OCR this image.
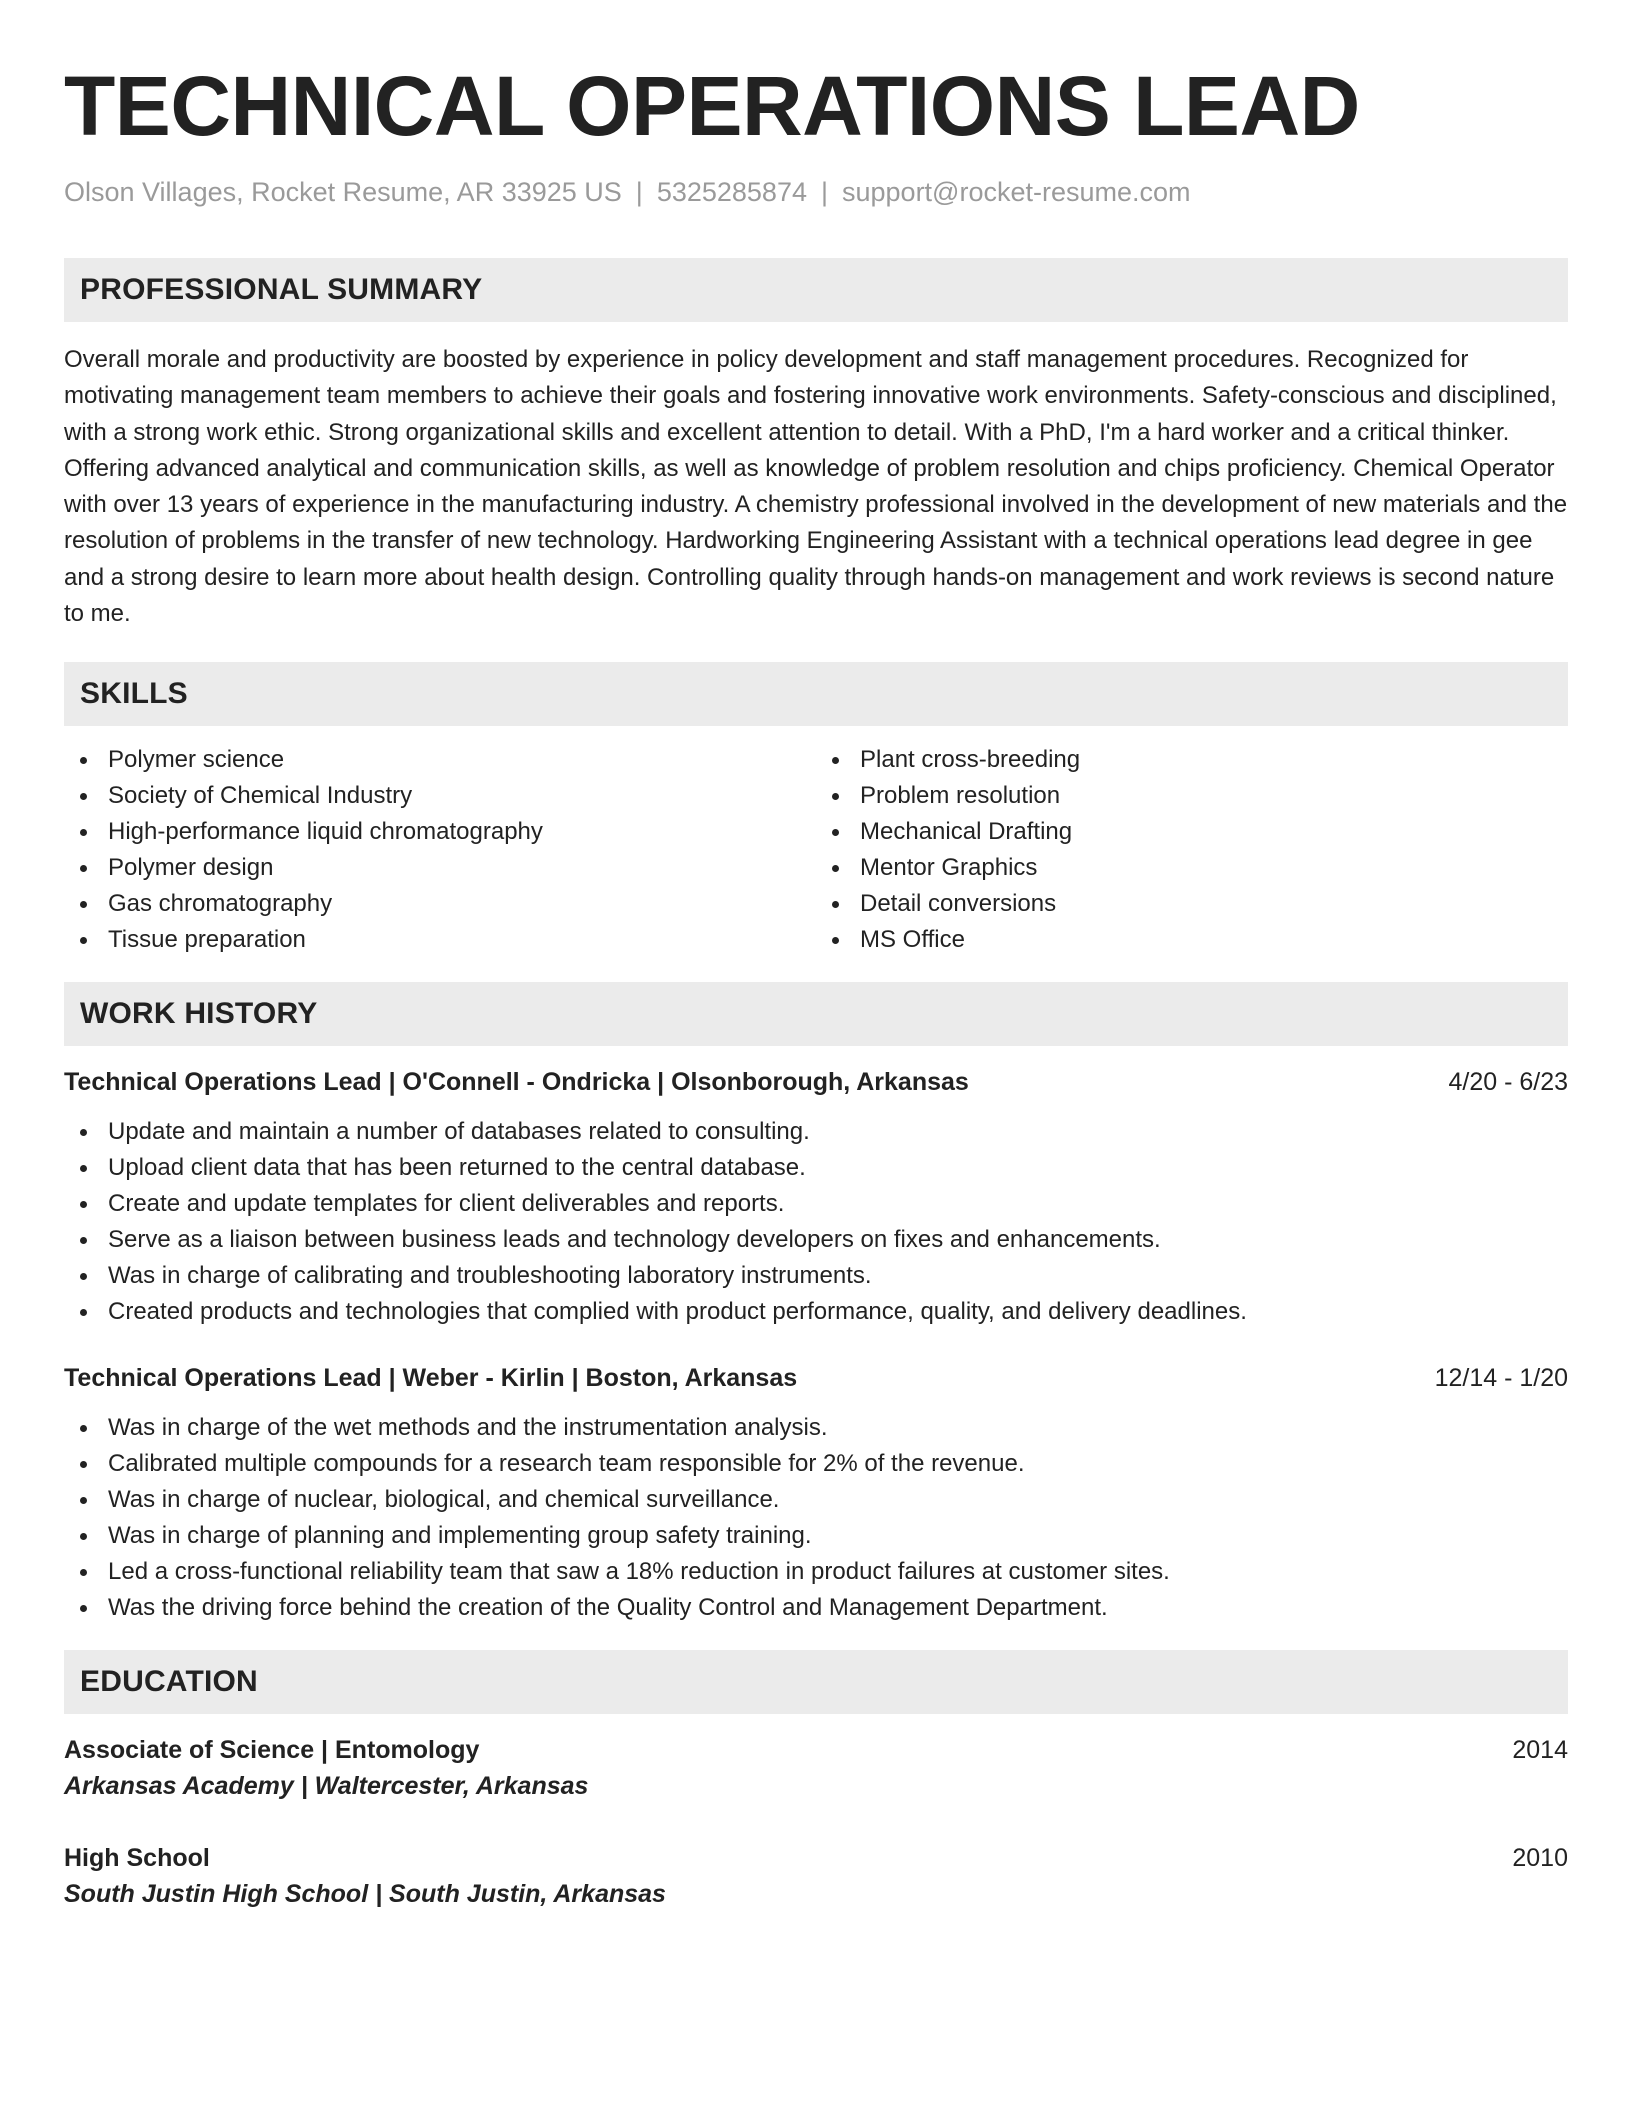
TECHNICAL OPERATIONS LEAD
Olson Villages, Rocket Resume, AR 33925 US | 5325285874 | support@rocket-resume.com
PROFESSIONAL SUMMARY

Overall morale and productivity are boosted by experience in policy development and staff management procedures. Recognized for motivating management team members to achieve their goals and fostering innovative work environments. Safety-conscious and disciplined, with a strong work ethic. Strong organizational skills and excellent attention to detail. With a PhD, I'm a hard worker and a critical thinker. Offering advanced analytical and communication skills, as well as knowledge of problem resolution and chips proficiency. Chemical Operator with over 13 years of experience in the manufacturing industry. A chemistry professional involved in the development of new materials and the resolution of problems in the transfer of new technology. Hardworking Engineering Assistant with a technical operations lead degree in gee and a strong desire to learn more about health design. Controlling quality through hands-on management and work reviews is second nature to me.

SKILLS
Polymer science
Society of Chemical Industry
High-performance liquid chromatography
Polymer design
Gas chromatography
Tissue preparation
Plant cross-breeding
Problem resolution
Mechanical Drafting
Mentor Graphics
Detail conversions
MS Office
WORK HISTORY
Technical Operations Lead | O'Connell - Ondricka | Olsonborough, Arkansas	4/20 - 6/23
Update and maintain a number of databases related to consulting.
Upload client data that has been returned to the central database.
Create and update templates for client deliverables and reports.
Serve as a liaison between business leads and technology developers on fixes and enhancements.
Was in charge of calibrating and troubleshooting laboratory instruments.
Created products and technologies that complied with product performance, quality, and delivery deadlines.
Technical Operations Lead | Weber - Kirlin | Boston, Arkansas	12/14 - 1/20
Was in charge of the wet methods and the instrumentation analysis.
Calibrated multiple compounds for a research team responsible for 2% of the revenue.
Was in charge of nuclear, biological, and chemical surveillance.
Was in charge of planning and implementing group safety training.
Led a cross-functional reliability team that saw a 18% reduction in product failures at customer sites.
Was the driving force behind the creation of the Quality Control and Management Department.
EDUCATION
Associate of Science | Entomology	2014
Arkansas Academy | Waltercester, Arkansas
High School	2010
South Justin High School | South Justin, Arkansas
